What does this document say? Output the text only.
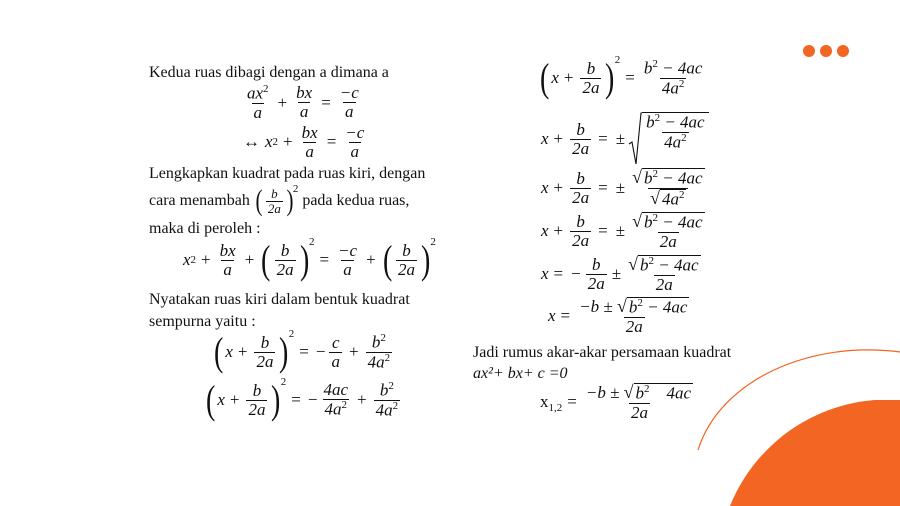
Kedua ruas dibagi dengan a dimana a
$\frac{ax^2}{a} + \frac{bx}{a} = \frac{-c}{a}$
↔ x $2 + \frac{bx}{a} = \frac{-c}{a}$
Lengkapkan kuadrat pada ruas kiri, dengan
cara menambah ( $\frac{b}{2a}$ ) 2
pada kedua ruas,
maka di peroleh :
x $2 + \frac{bx}{a}$ + ( $\frac{b}{2a}$ ) 2
= $\frac{-c}{a}$ + ( $\frac{b}{2a}$ ) 2
Nyatakan ruas kiri dalam bentuk kuadrat
sempurna yaitu :
( $x + \frac{b}{2a}$ ) 2
= − $\frac{c}{a} + \frac{b^2}{4a^2}$
( $x + \frac{b}{2a}$ ) 2
= − $\frac{4ac}{4a^2} + \frac{b^2}{4a^2}$
( $x + \frac{b}{2a}$ ) 2
= $\frac{b^2 - 4ac}{4a^2}$
$x + \frac{b}{2a}$ = ± $\frac{b^2 - 4ac}{4a^2}$
$x + \frac{b}{2a}$ = ± $\frac{√ b^2 - 4ac}{√ 4a^2}$
$x + \frac{b}{2a}$ = ± $\frac{√ b^2 - 4ac}{2a}$
x = − $\frac{b}{2a} \pm \frac{√ b^2 - 4ac}{2a}$
$x = \frac{-b \pm √ b^2 - 4ac}{2a}$
Jadi rumus akar-akar persamaan kuadrat
ax²+ bx+ c =0
x $1,2 = \frac{-b \pm √ b^2 4ac}{2a}$
